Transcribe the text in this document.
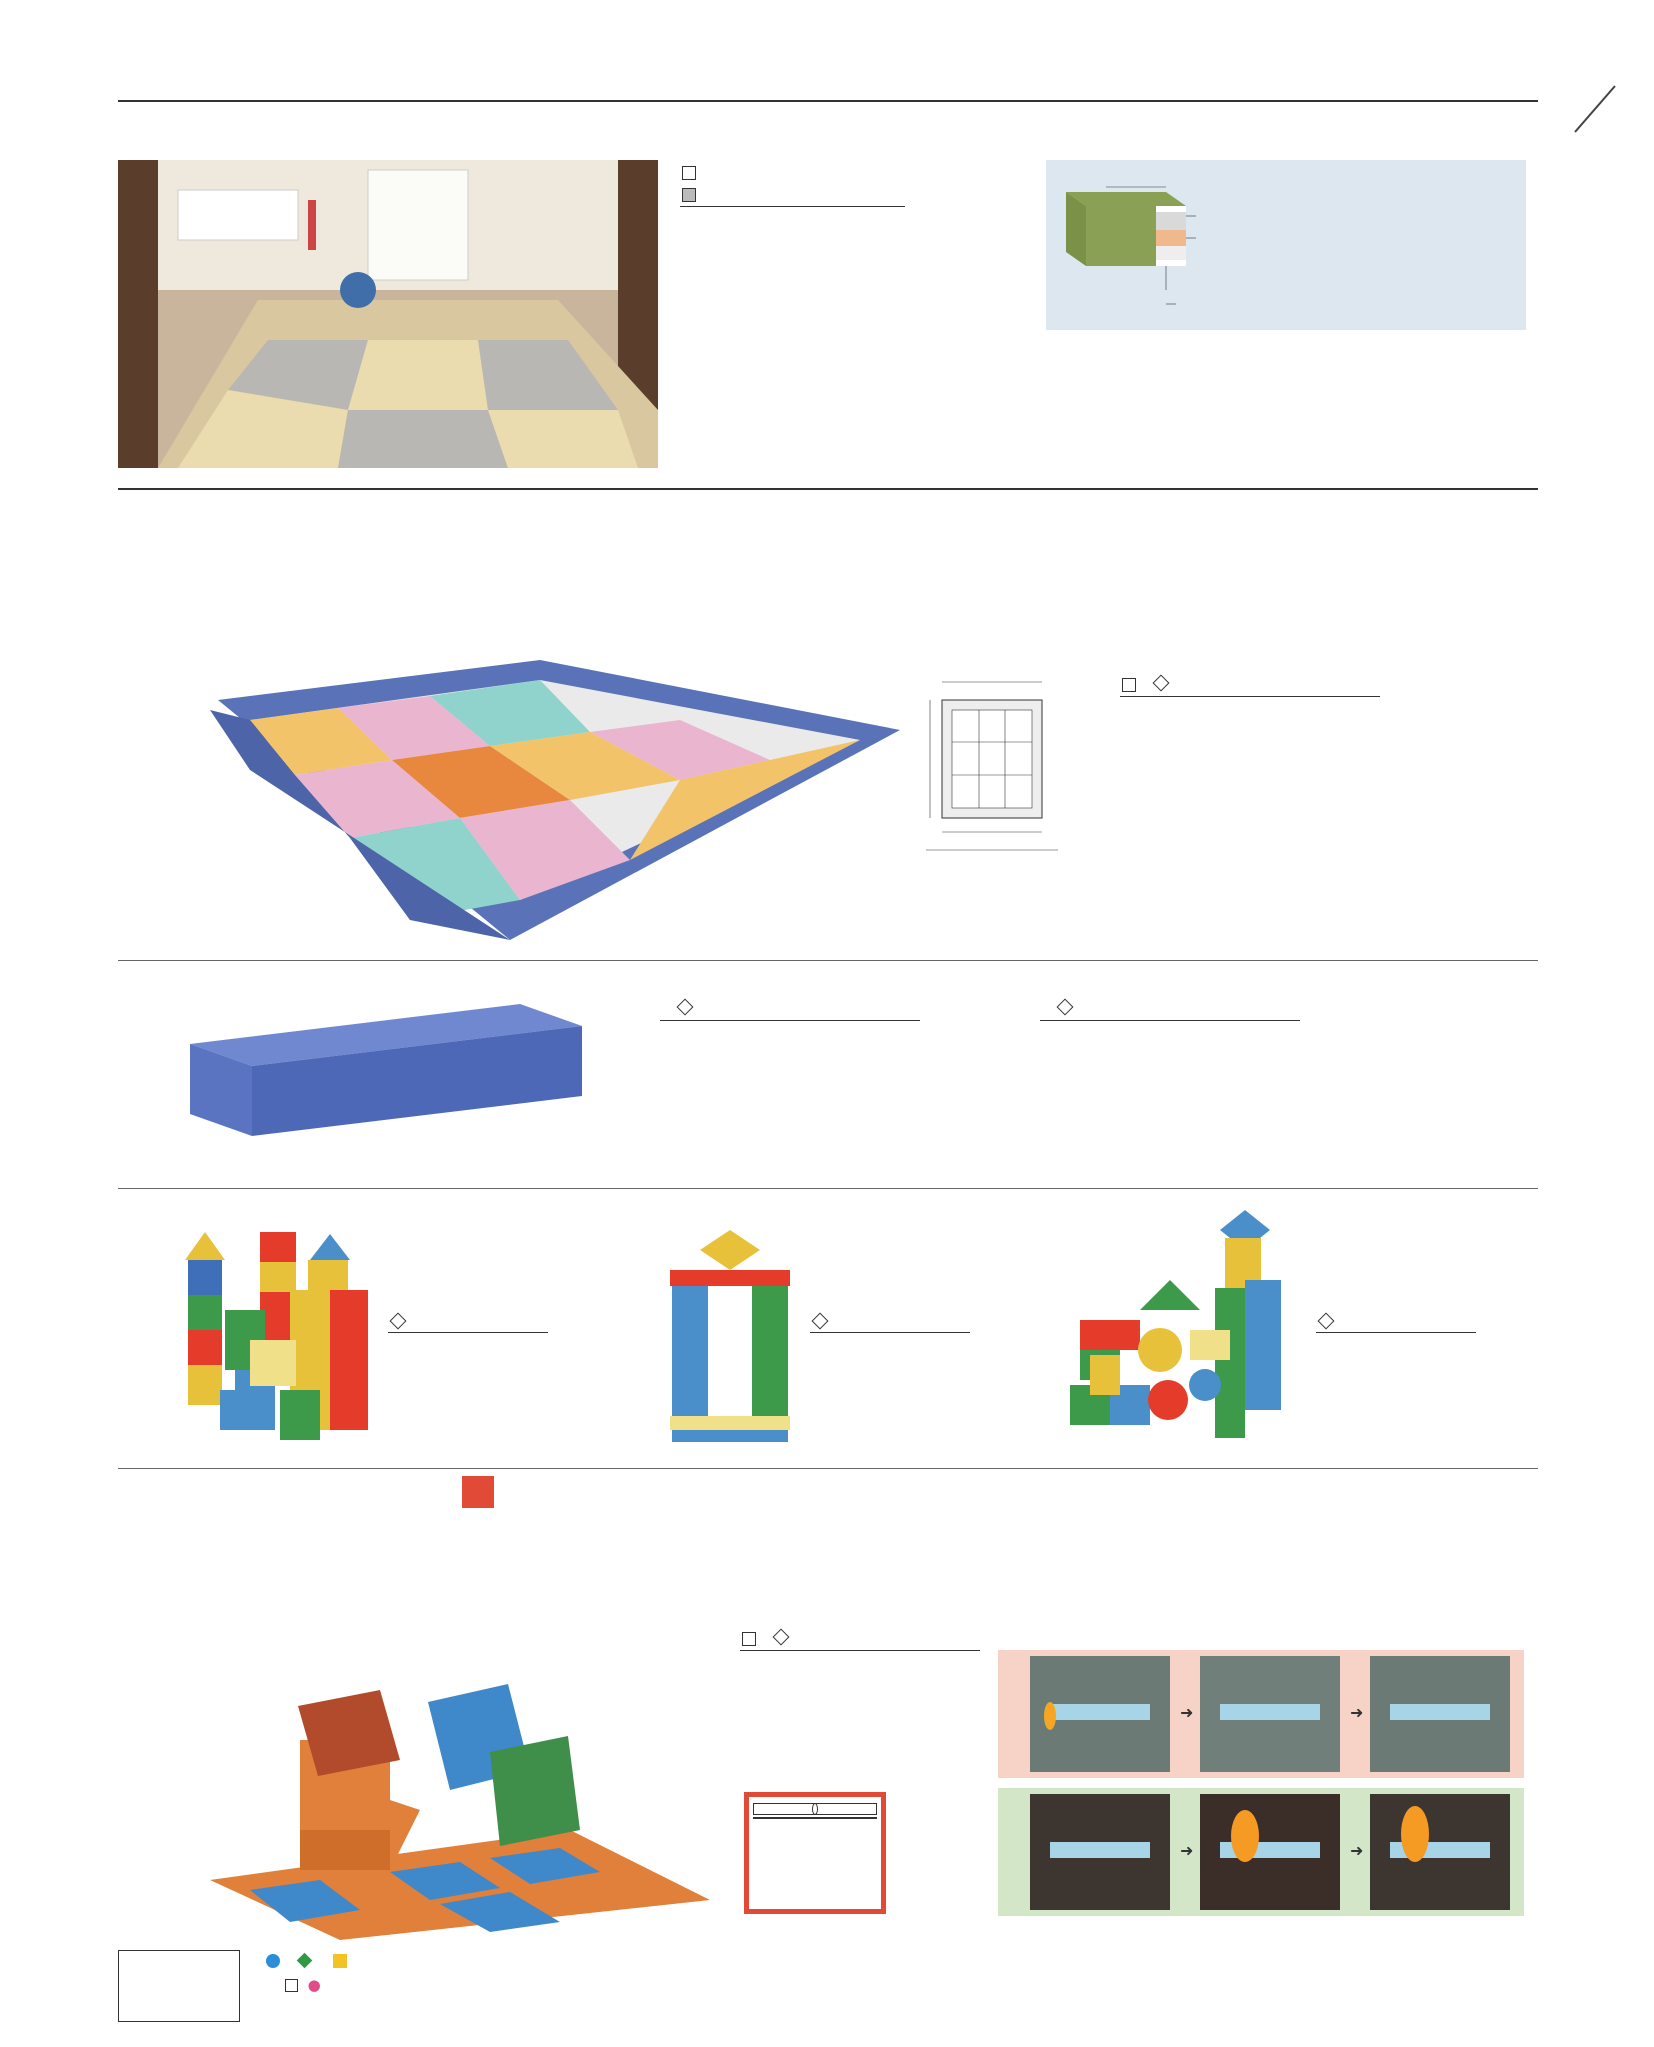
➜	➜
➜	➜

●
